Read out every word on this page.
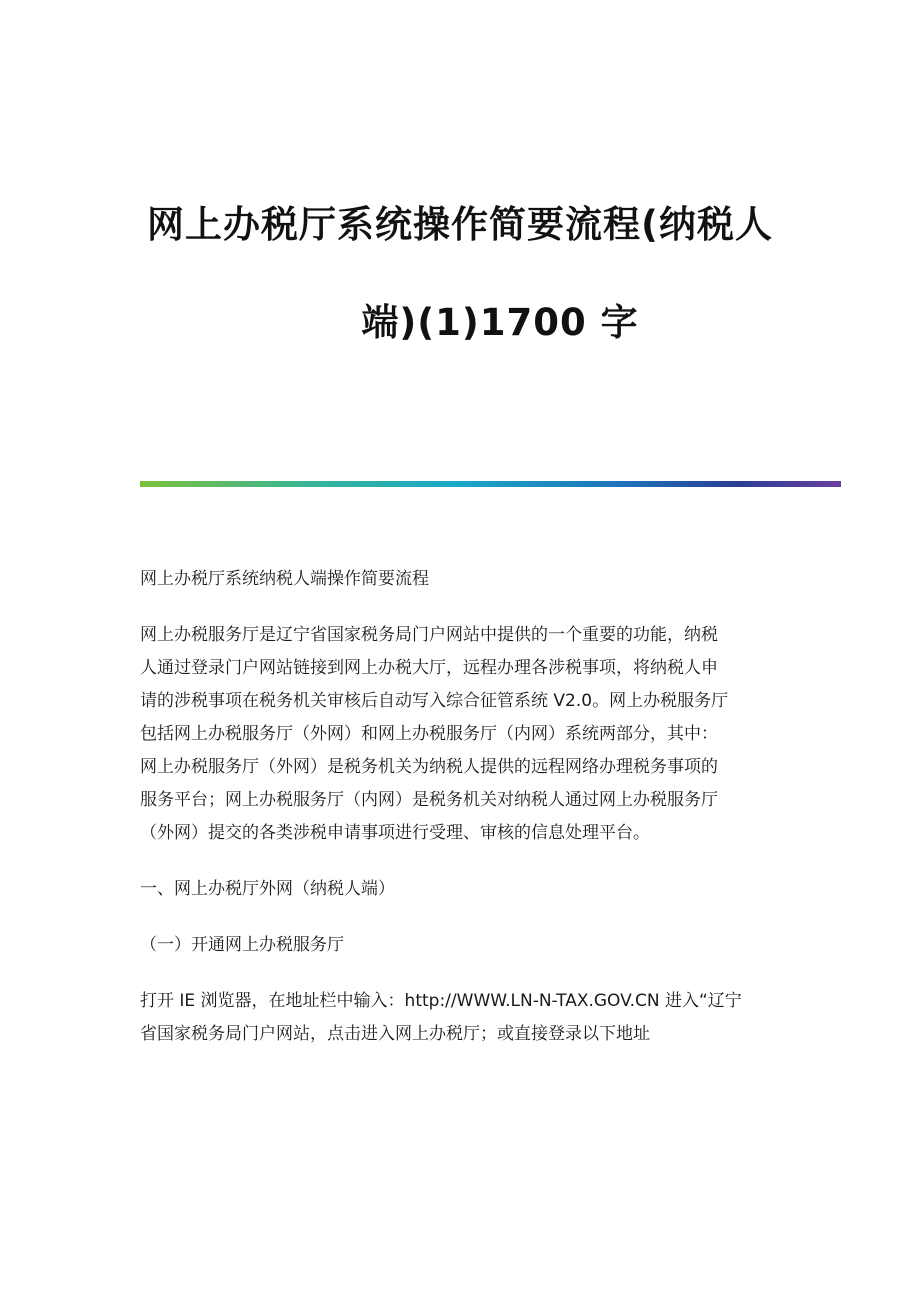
网上办税厅系统操作简要流程(纳税人
端)(1)1700 字

网上办税厅系统纳税人端操作简要流程

网上办税服务厅是辽宁省国家税务局门户网站中提供的一个重要的功能，纳税

人通过登录门户网站链接到网上办税大厅，远程办理各涉税事项，将纳税人申

请的涉税事项在税务机关审核后自动写入综合征管系统 V2.0。网上办税服务厅

包括网上办税服务厅（外网）和网上办税服务厅（内网）系统两部分，其中：

网上办税服务厅（外网）是税务机关为纳税人提供的远程网络办理税务事项的

服务平台；网上办税服务厅（内网）是税务机关对纳税人通过网上办税服务厅

（外网）提交的各类涉税申请事项进行受理、审核的信息处理平台。

一、网上办税厅外网（纳税人端）

（一）开通网上办税服务厅

打开 IE 浏览器，在地址栏中输入：http://WWW.LN-N-TAX.GOV.CN 进入“辽宁

省国家税务局门户网站，点击进入网上办税厅；或直接登录以下地址
